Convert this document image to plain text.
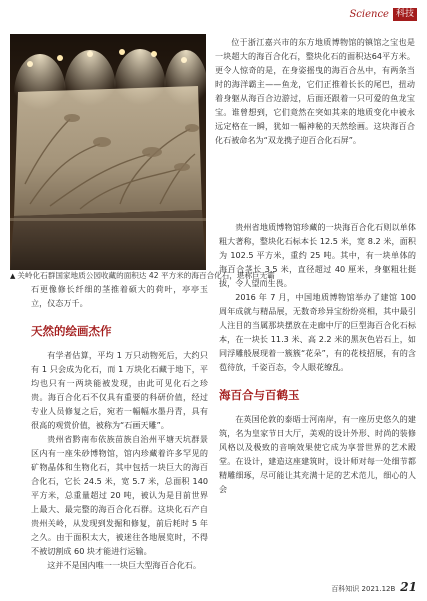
Science 科技
▲ 关岭化石群国家地质公园收藏的面积达 42 平方米的海百合化石，堪称巨无霸

位于浙江嘉兴市的东方地质博物馆的镇馆之宝也是一块超大的海百合化石，整块化石的面积达64平方米。更令人惊奇的是，在身姿摇曳的海百合丛中，有两条当时的海洋霸主——鱼龙，它们正推着长长的尾巴，扭动着身躯从海百合边游过，后面还跟着一只可爱的鱼龙宝宝。谁曾想到，它们竟然在突如其来的地质变化中被永远定格在一瞬，犹如一幅神秘的天然绘画。这块海百合化石被命名为“双龙携子迎百合化石屏”。

石更像修长纤细的茎推着硕大的荷叶，亭亭玉立，仪态万千。

天然的绘画杰作

有学者估算，平均 1 万只动物死后，大约只有 1 只会成为化石，而 1 万块化石藏于地下，平均也只有一两块能被发现，由此可见化石之珍贵。海百合化石不仅具有重要的科研价值，经过专业人员修复之后，宛若一幅幅水墨丹青，具有很高的观赏价值，被称为“石画天雕”。

贵州省黔南布依族苗族自治州平塘天坑群景区内有一座朱砂博物馆，馆内珍藏着许多罕见的矿物晶体和生物化石，其中包括一块巨大的海百合化石，它长 24.5 米，宽 5.7 米，总面积 140 平方米，总重量超过 20 吨，被认为是目前世界上最大、最完整的海百合化石群。这块化石产自贵州关岭，从发现到发掘和修复，前后耗时 5 年之久。由于面积太大，被迷往各地展览时，不得不被切割成 60 块才能进行运输。

这并不是国内唯一一块巨大型海百合化石。

贵州省地质博物馆珍藏的一块海百合化石则以单体粗大著称，整块化石标本长 12.5 米，宽 8.2 米，面积为 102.5 平方米，重约 25 吨。其中，有一块单体的海百合茎长 3.5 米，直径超过 40 厘米，身躯粗壮挺拔，令人望而生畏。

2016 年 7 月，中国地质博物馆举办了建馆 100 周年成就与精品展，无数奇珍异宝纷纷亮相，其中最引人注目的当属那块摆放在走廊中厅的巨型海百合化石标本，在一块长 11.3 米、高 2.2 米的黑灰色岩石上，如同浮雕般展现着一簇簇“花朵”，有的花枝招展，有的含苞待放，千姿百态，令人眼花缭乱。

海百合与百鹤玉

在英国伦敦的泰晤士河南岸，有一座历史悠久的建筑，名为皇家节日大厅，美观的设计外形、时尚的装修风格以及极致的音响效果使它成为享誉世界的艺术殿堂。在设计，建造这座建筑时，设计师对每一处细节都精雕细琢，尽可能让其充满十足的艺术范儿，细心的人会

百科知识 2021.12B 21
